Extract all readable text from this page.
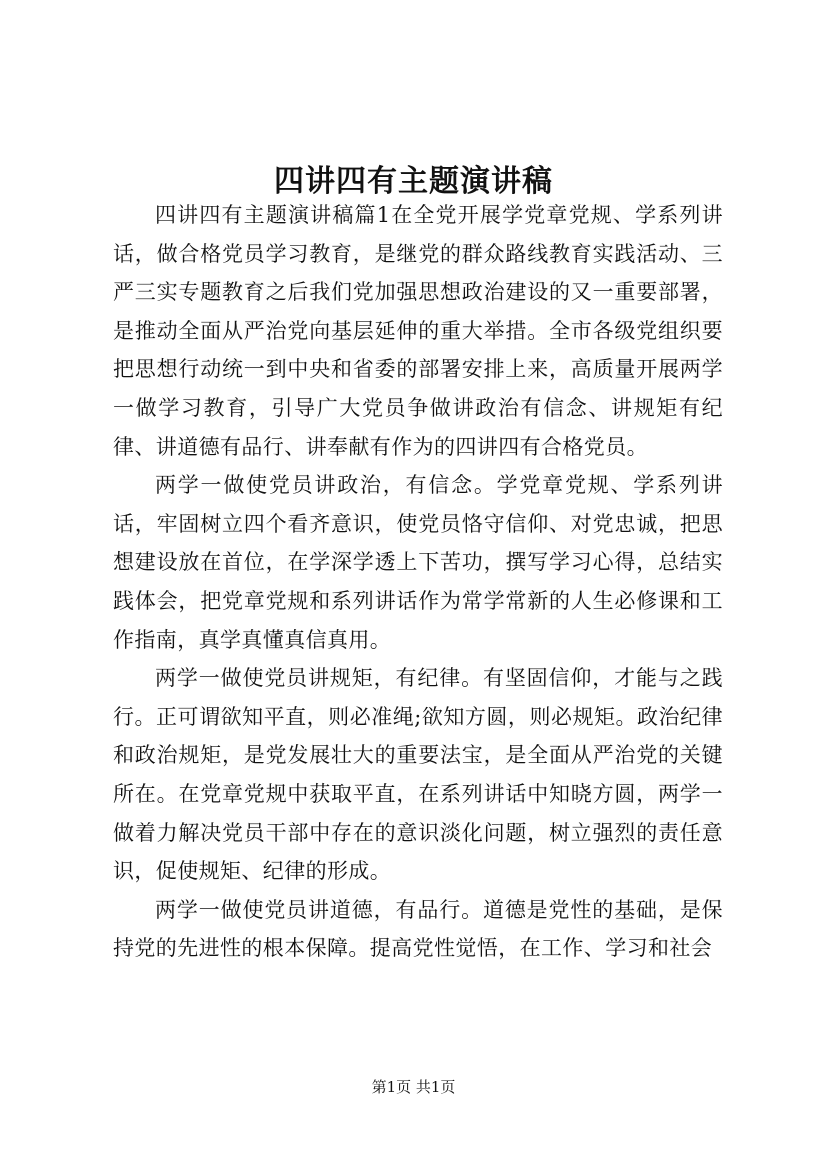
四讲四有主题演讲稿

四讲四有主题演讲稿篇1在全党开展学党章党规、学系列讲话，做合格党员学习教育，是继党的群众路线教育实践活动、三严三实专题教育之后我们党加强思想政治建设的又一重要部署，是推动全面从严治党向基层延伸的重大举措。全市各级党组织要把思想行动统一到中央和省委的部署安排上来，高质量开展两学一做学习教育，引导广大党员争做讲政治有信念、讲规矩有纪律、讲道德有品行、讲奉献有作为的四讲四有合格党员。

两学一做使党员讲政治，有信念。学党章党规、学系列讲话，牢固树立四个看齐意识，使党员恪守信仰、对党忠诚，把思想建设放在首位，在学深学透上下苦功，撰写学习心得，总结实践体会，把党章党规和系列讲话作为常学常新的人生必修课和工作指南，真学真懂真信真用。

两学一做使党员讲规矩，有纪律。有坚固信仰，才能与之践行。正可谓欲知平直，则必准绳;欲知方圆，则必规矩。政治纪律和政治规矩，是党发展壮大的重要法宝，是全面从严治党的关键所在。在党章党规中获取平直，在系列讲话中知晓方圆，两学一做着力解决党员干部中存在的意识淡化问题，树立强烈的责任意识，促使规矩、纪律的形成。

两学一做使党员讲道德，有品行。道德是党性的基础，是保持党的先进性的根本保障。提高党性觉悟，在工作、学习和社会

第1页 共1页
